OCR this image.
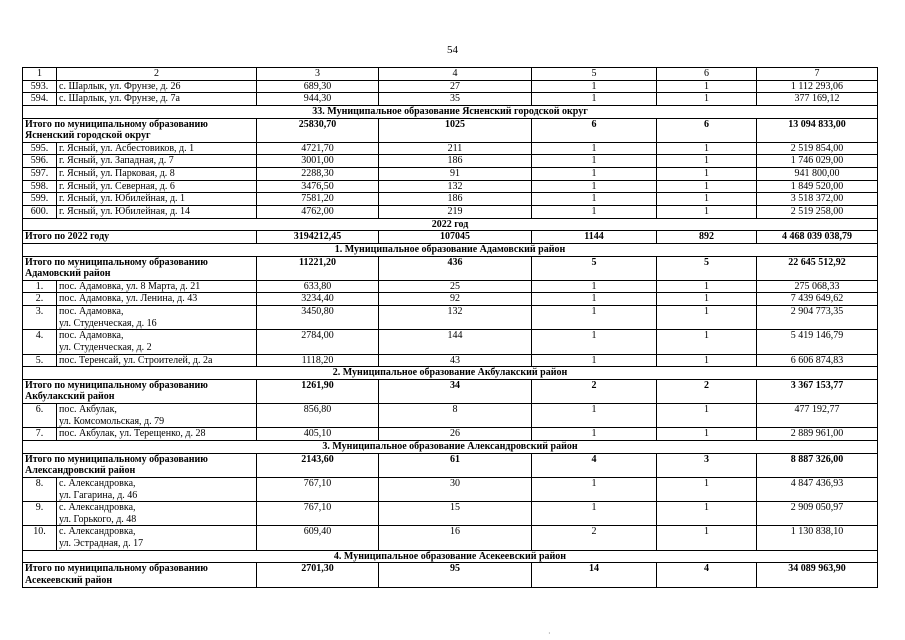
54
1	2	3	4	5	6	7
593.	с. Шарлык, ул. Фрунзе, д. 26	689,30	27	1	1	1 112 293,06
594.	с. Шарлык, ул. Фрунзе, д. 7а	944,30	35	1	1	377 169,12
33. Муниципальное образование Ясненский городской округ						
Итого по муниципальному образованию
Ясненский городской округ		25830,70	1025	6	6	13 094 833,00
595.	г. Ясный, ул. Асбестовиков, д. 1	4721,70	211	1	1	2 519 854,00
596.	г. Ясный, ул. Западная, д. 7	3001,00	186	1	1	1 746 029,00
597.	г. Ясный, ул. Парковая, д. 8	2288,30	91	1	1	941 800,00
598.	г. Ясный, ул. Северная, д. 6	3476,50	132	1	1	1 849 520,00
599.	г. Ясный, ул. Юбилейная, д. 1	7581,20	186	1	1	3 518 372,00
600.	г. Ясный, ул. Юбилейная, д. 14	4762,00	219	1	1	2 519 258,00
2022 год						
Итого по 2022 году		3194212,45	107045	1144	892	4 468 039 038,79
1. Муниципальное образование Адамовский район						
Итого по муниципальному образованию
Адамовский район		11221,20	436	5	5	22 645 512,92
1.	пос. Адамовка, ул. 8 Марта, д. 21	633,80	25	1	1	275 068,33
2.	пос. Адамовка, ул. Ленина, д. 43	3234,40	92	1	1	7 439 649,62
3.	пос. Адамовка,
ул. Студенческая, д. 16	3450,80	132	1	1	2 904 773,35
4.	пос. Адамовка,
ул. Студенческая, д. 2	2784,00	144	1	1	5 419 146,79
5.	пос. Теренсай, ул. Строителей, д. 2а	1118,20	43	1	1	6 606 874,83
2. Муниципальное образование Акбулакский район						
Итого по муниципальному образованию
Акбулакский район		1261,90	34	2	2	3 367 153,77
6.	пос. Акбулак,
ул. Комсомольская, д. 79	856,80	8	1	1	477 192,77
7.	пос. Акбулак, ул. Терещенко, д. 28	405,10	26	1	1	2 889 961,00
3. Муниципальное образование Александровский район						
Итого по муниципальному образованию
Александровский район		2143,60	61	4	3	8 887 326,00
8.	с. Александровка,
ул. Гагарина, д. 46	767,10	30	1	1	4 847 436,93
9.	с. Александровка,
ул. Горького, д. 48	767,10	15	1	1	2 909 050,97
10.	с. Александровка,
ул. Эстрадная, д. 17	609,40	16	2	1	1 130 838,10
4. Муниципальное образование Асекеевский район						
Итого по муниципальному образованию
Асекеевский район		2701,30	95	14	4	34 089 963,90
·
